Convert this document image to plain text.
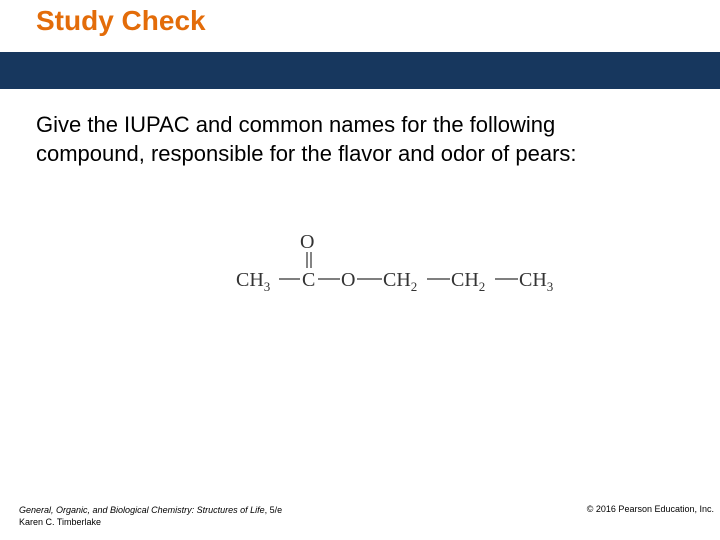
Study Check
Give the IUPAC and common names for the following
compound, responsible for the flavor and odor of pears:
O
$CH_3$ C O $CH_2$ $CH_2$ $CH_3$
General, Organic, and Biological Chemistry: Structures of Life, 5/e
Karen C. Timberlake
© 2016 Pearson Education, Inc.
